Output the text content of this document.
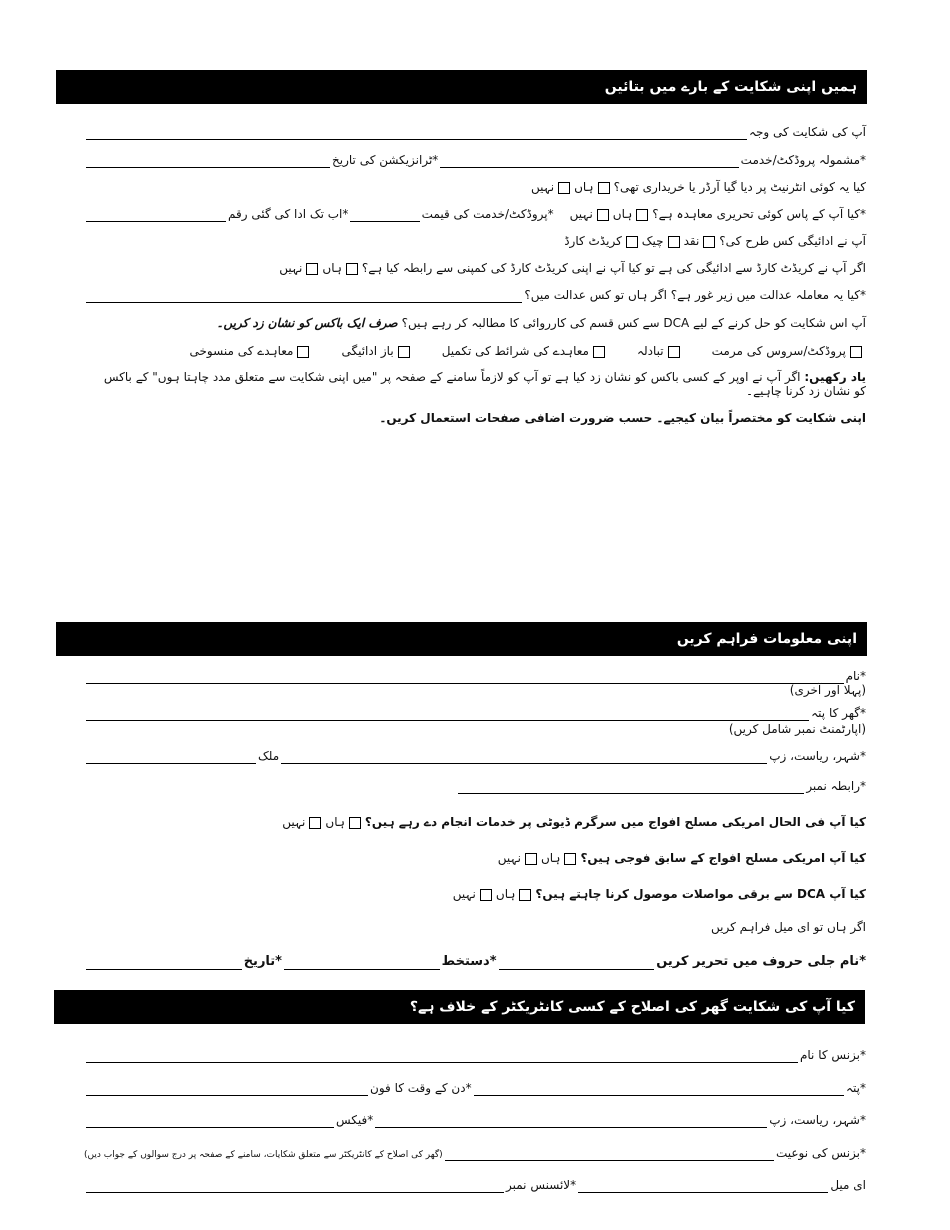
ہمیں اپنی شکایت کے بارے میں بتائیں
آپ کی شکایت کی وجہ
*مشمولہ پروڈکٹ/خدمت
*ٹرانزیکشن کی تاریخ
کیا یہ کوئی انٹرنیٹ پر دیا گیا آرڈر یا خریداری تھی؟
ہاں
نہیں
*کیا آپ کے پاس کوئی تحریری معاہدہ ہے؟
ہاں
نہیں
*پروڈکٹ/خدمت کی قیمت
*اب تک ادا کی گئی رقم
آپ نے ادائیگی کس طرح کی؟
نقد
چیک
کریڈٹ کارڈ
اگر آپ نے کریڈٹ کارڈ سے ادائیگی کی ہے تو کیا آپ نے اپنی کریڈٹ کارڈ کی کمپنی سے رابطہ کیا ہے؟
ہاں
نہیں
*کیا یہ معاملہ عدالت میں زیر غور ہے؟ اگر ہاں تو کس عدالت میں؟
آپ اس شکایت کو حل کرنے کے لیے DCA سے کس قسم کی کارروائی کا مطالبہ کر رہے ہیں؟
صرف ایک باکس کو نشان زد کریں۔
پروڈکٹ/سروس کی مرمت
تبادلہ
معاہدے کی شرائط کی تکمیل
باز ادائیگی
معاہدے کی منسوخی
یاد رکھیں: اگر آپ نے اوپر کے کسی باکس کو نشان زد کیا ہے تو آپ کو لازماً سامنے کے صفحہ پر "میں اپنی شکایت سے متعلق مدد چاہتا ہوں" کے باکس کو نشان زد کرنا چاہیے۔
اپنی شکایت کو مختصراً بیان کیجیے۔ حسب ضرورت اضافی صفحات استعمال کریں۔
اپنی معلومات فراہم کریں
*نام
(پہلا اور آخری)
*گھر کا پتہ
(اپارٹمنٹ نمبر شامل کریں)
*شہر، ریاست، زپ
ملک
*رابطہ نمبر
کیا آپ فی الحال امریکی مسلح افواج میں سرگرم ڈیوٹی پر خدمات انجام دے رہے ہیں؟
ہاں
نہیں
کیا آپ امریکی مسلح افواج کے سابق فوجی ہیں؟
ہاں
نہیں
کیا آپ DCA سے برقی مواصلات موصول کرنا چاہتے ہیں؟
ہاں
نہیں
اگر ہاں تو ای میل فراہم کریں
*نام جلی حروف میں تحریر کریں
*دستخط
*تاریخ
کیا آپ کی شکایت گھر کی اصلاح کے کسی کانٹریکٹر کے خلاف ہے؟
*بزنس کا نام
*پتہ
*دن کے وقت کا فون
*شہر، ریاست، زپ
*فیکس
*بزنس کی نوعیت
(گھر کی اصلاح کے کانٹریکٹر سے متعلق شکایات، سامنے کے صفحہ پر درج سوالوں کے جواب دیں)
ای میل
*لائسنس نمبر
